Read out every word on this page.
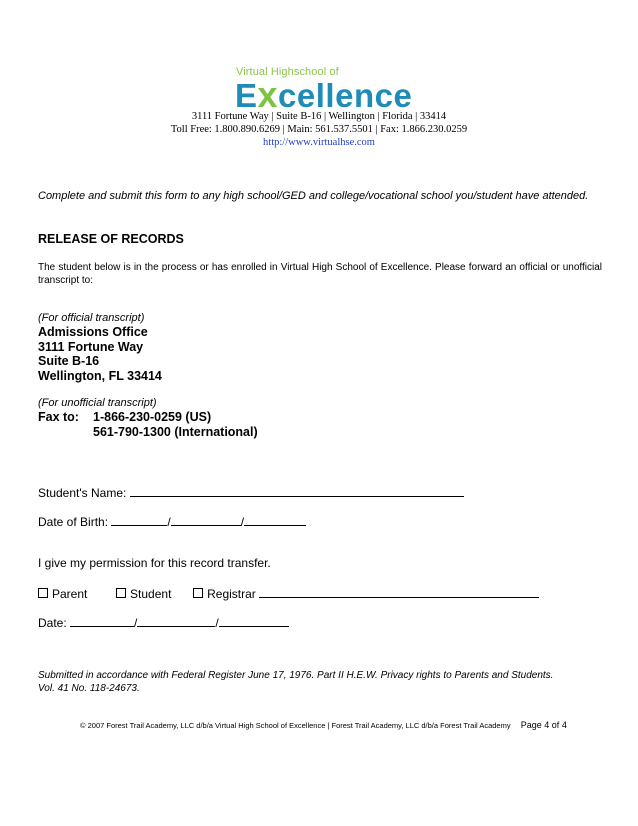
Virtual Highschool of
Excellence
3111 Fortune Way | Suite B-16 | Wellington | Florida | 33414
Toll Free: 1.800.890.6269 | Main: 561.537.5501 | Fax: 1.866.230.0259
http://www.virtualhse.com
Complete and submit this form to any high school/GED and college/vocational school you/student have attended.
RELEASE OF RECORDS
The student below is in the process or has enrolled in Virtual High School of Excellence. Please forward an official or unofficial transcript to:
(For official transcript)
Admissions Office
3111 Fortune Way
Suite B-16
Wellington, FL 33414
(For unofficial transcript)
Fax to: 1-866-230-0259 (US)
561-790-1300 (International)
Student's Name:
Date of Birth:	/	/
I give my permission for this record transfer.
Parent	Student	Registrar
Date:	/	/
Submitted in accordance with Federal Register June 17, 1976. Part II H.E.W. Privacy rights to Parents and Students.
Vol. 41 No. 118-24673.
© 2007 Forest Trail Academy, LLC d/b/a Virtual High School of Excellence | Forest Trail Academy, LLC d/b/a Forest Trail Academy Page 4 of 4
